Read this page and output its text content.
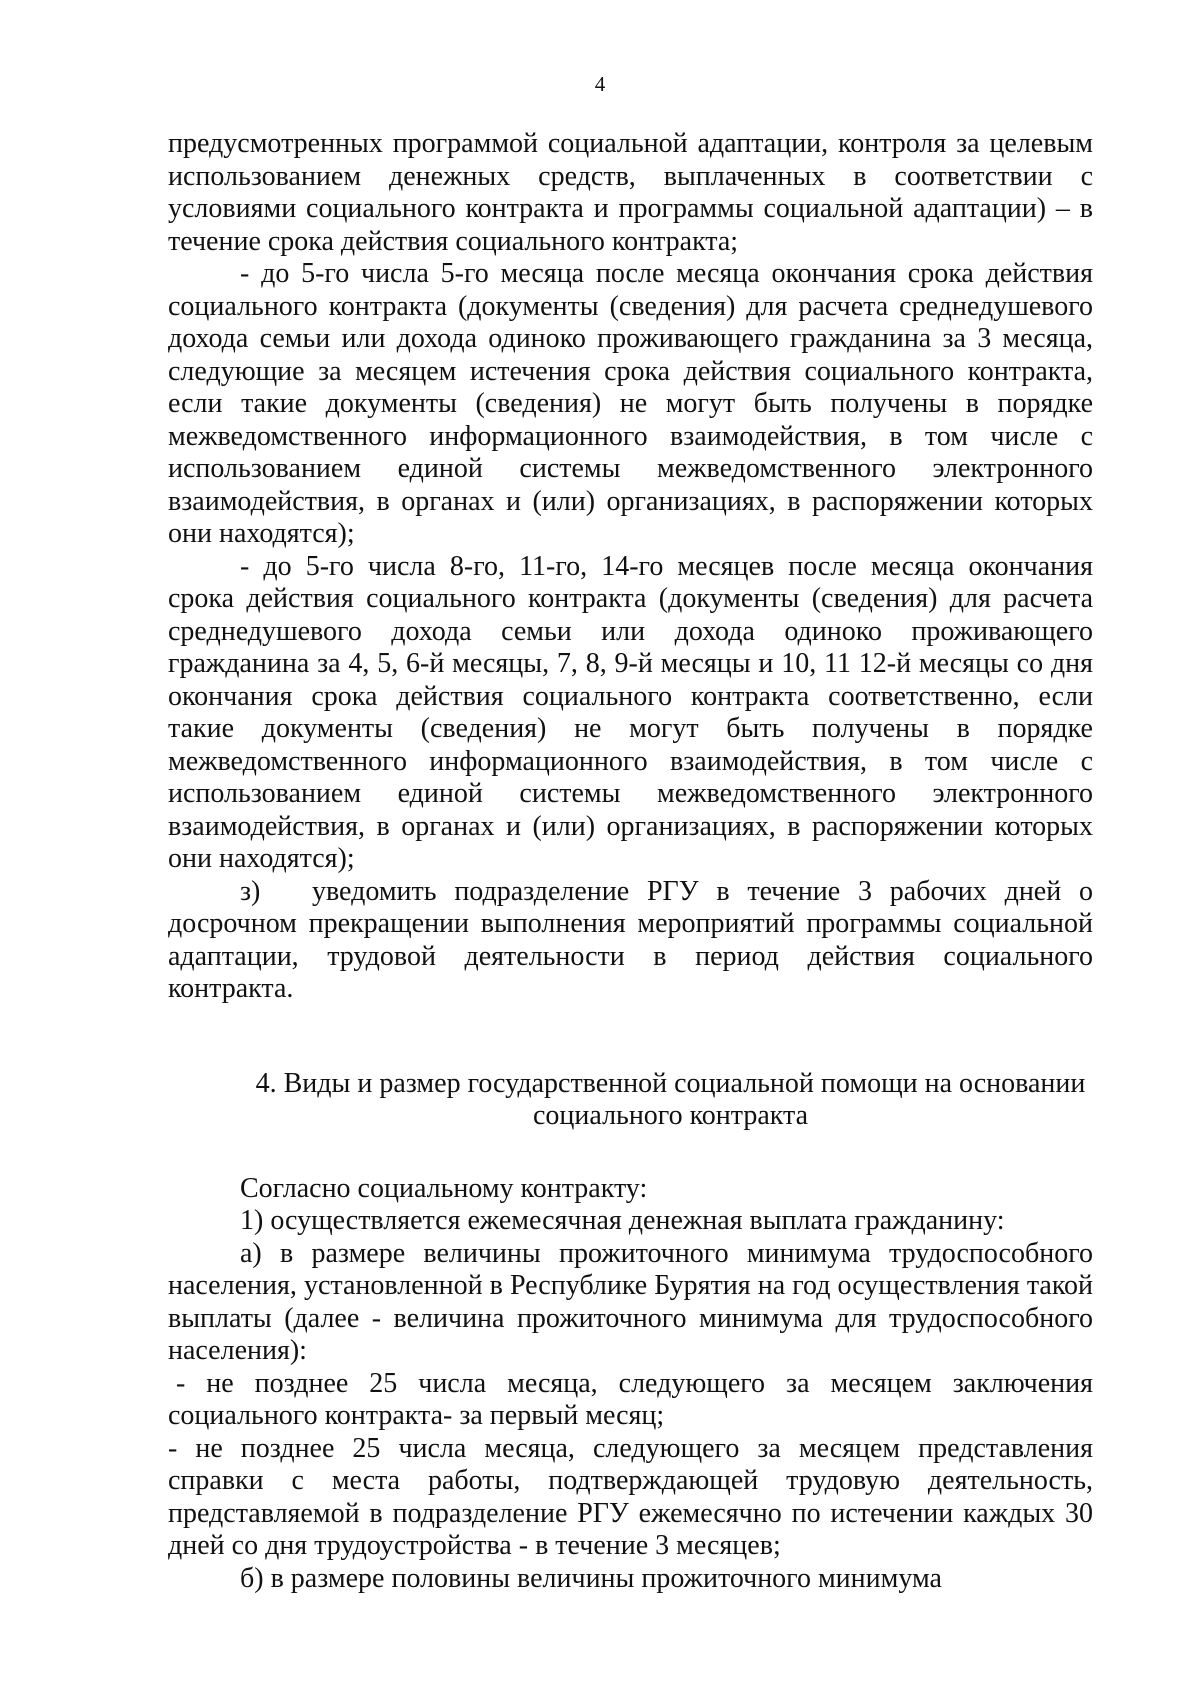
4

предусмотренных программой социальной адаптации, контроля за целевым использованием денежных средств, выплаченных в соответствии с условиями социального контракта и программы социальной адаптации) – в течение срока действия социального контракта;

- до 5-го числа 5-го месяца после месяца окончания срока действия социального контракта (документы (сведения) для расчета среднедушевого дохода семьи или дохода одиноко проживающего гражданина за 3 месяца, следующие за месяцем истечения срока действия социального контракта, если такие документы (сведения) не могут быть получены в порядке межведомственного информационного взаимодействия, в том числе с использованием единой системы межведомственного электронного взаимодействия, в органах и (или) организациях, в распоряжении которых они находятся);

- до 5-го числа 8-го, 11-го, 14-го месяцев после месяца окончания срока действия социального контракта (документы (сведения) для расчета среднедушевого дохода семьи или дохода одиноко проживающего гражданина за 4, 5, 6-й месяцы, 7, 8, 9-й месяцы и 10, 11 12-й месяцы со дня окончания срока действия социального контракта соответственно, если такие документы (сведения) не могут быть получены в порядке межведомственного информационного взаимодействия, в том числе с использованием единой системы межведомственного электронного взаимодействия, в органах и (или) организациях, в распоряжении которых они находятся);

з) уведомить подразделение РГУ в течение 3 рабочих дней о досрочном прекращении выполнения мероприятий программы социальной адаптации, трудовой деятельности в период действия социального контракта.

4. Виды и размер государственной социальной помощи на основании социального контракта

Согласно социальному контракту:

1) осуществляется ежемесячная денежная выплата гражданину:

а) в размере величины прожиточного минимума трудоспособного населения, установленной в Республике Бурятия на год осуществления такой выплаты (далее - величина прожиточного минимума для трудоспособного населения):

- не позднее 25 числа месяца, следующего за месяцем заключения социального контракта- за первый месяц;

- не позднее 25 числа месяца, следующего за месяцем представления справки с места работы, подтверждающей трудовую деятельность, представляемой в подразделение РГУ ежемесячно по истечении каждых 30 дней со дня трудоустройства - в течение 3 месяцев;

б) в размере половины величины прожиточного минимума
